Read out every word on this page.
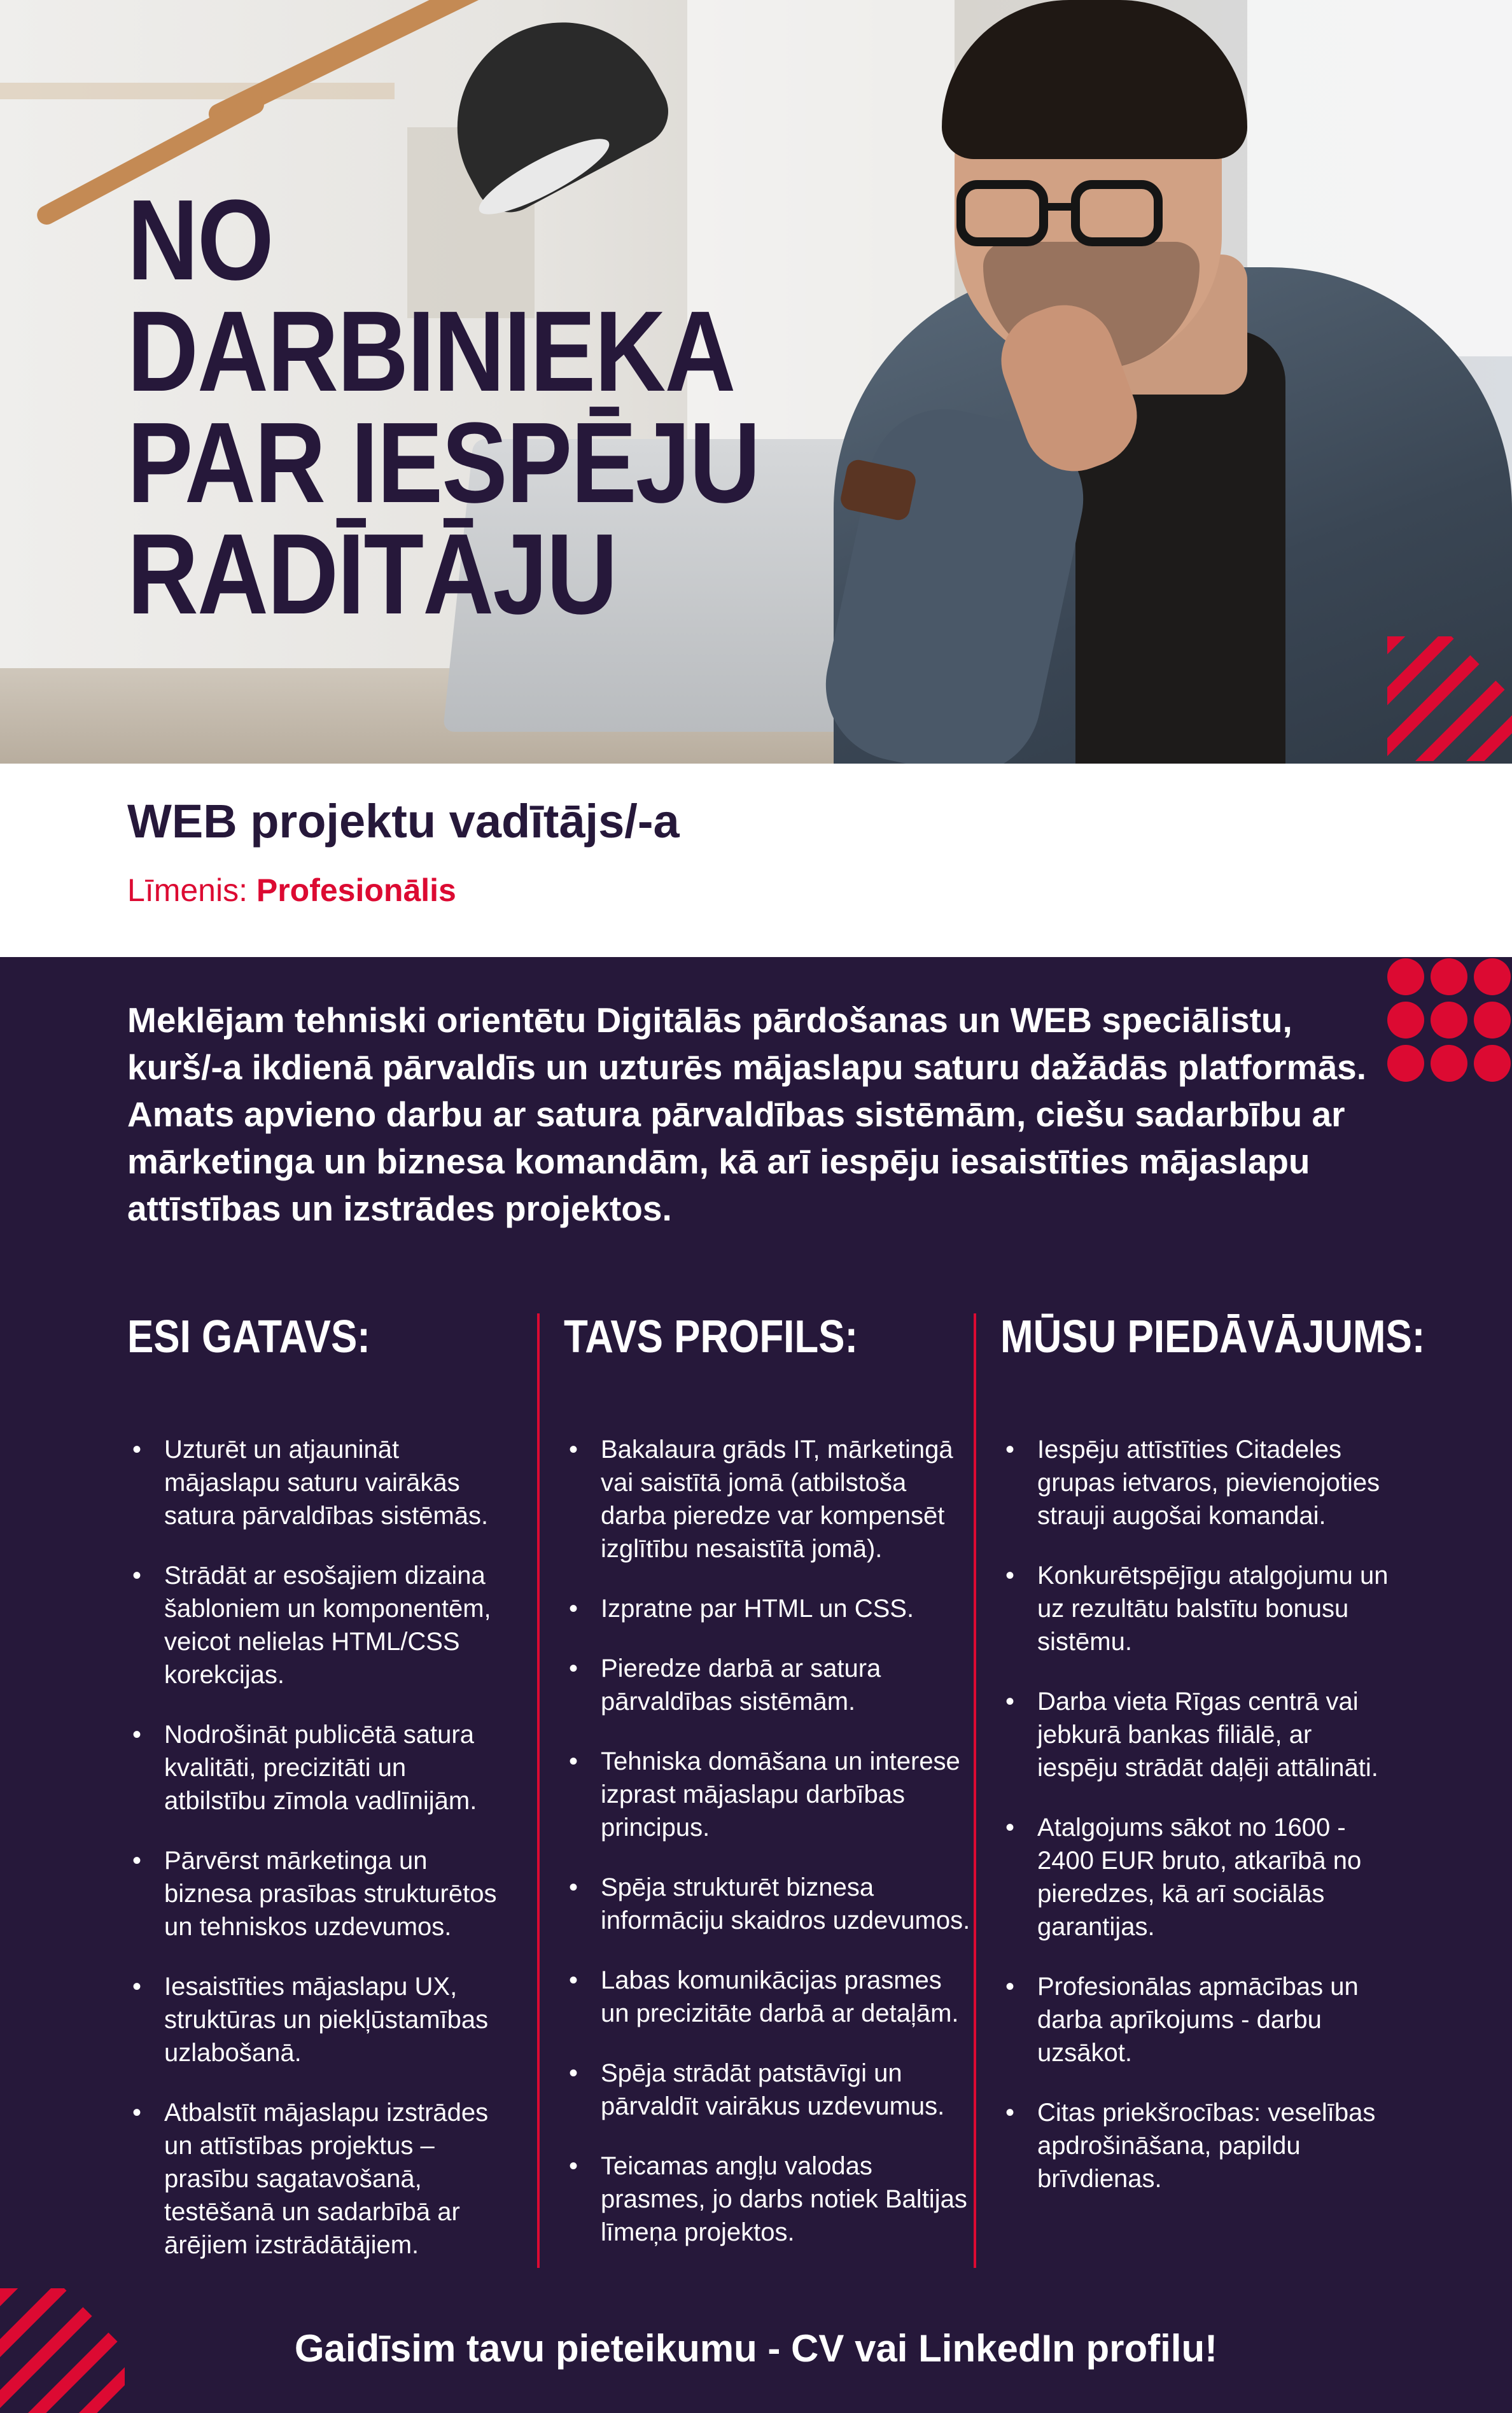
NO
DARBINIEKA
PAR IESPĒJU
RADĪTĀJU
WEB projektu vadītājs/-a
Līmenis: Profesionālis

Meklējam tehniski orientētu Digitālās pārdošanas un WEB speciālistu, kurš/-a ikdienā pārvaldīs un uzturēs mājaslapu saturu dažādās platformās. Amats apvieno darbu ar satura pārvaldības sistēmām, ciešu sadarbību ar mārketinga un biznesa komandām, kā arī iespēju iesaistīties mājaslapu attīstības un izstrādes projektos.

ESI GATAVS:
• Uzturēt un atjaunināt mājaslapu saturu vairākās satura pārvaldības sistēmās.
• Strādāt ar esošajiem dizaina šabloniem un komponentēm, veicot nelielas HTML/CSS korekcijas.
• Nodrošināt publicētā satura kvalitāti, precizitāti un atbilstību zīmola vadlīnijām.
• Pārvērst mārketinga un biznesa prasības strukturētos un tehniskos uzdevumos.
• Iesaistīties mājaslapu UX, struktūras un piekļūstamības uzlabošanā.
• Atbalstīt mājaslapu izstrādes un attīstības projektus – prasību sagatavošanā, testēšanā un sadarbībā ar ārējiem izstrādātājiem.
TAVS PROFILS:
• Bakalaura grāds IT, mārketingā vai saistītā jomā (atbilstoša darba pieredze var kompensēt izglītību nesaistītā jomā).
• Izpratne par HTML un CSS.
• Pieredze darbā ar satura pārvaldības sistēmām.
• Tehniska domāšana un interese izprast mājaslapu darbības principus.
• Spēja strukturēt biznesa informāciju skaidros uzdevumos.
• Labas komunikācijas prasmes un precizitāte darbā ar detaļām.
• Spēja strādāt patstāvīgi un pārvaldīt vairākus uzdevumus.
• Teicamas angļu valodas prasmes, jo darbs notiek Baltijas līmeņa projektos.
MŪSU PIEDĀVĀJUMS:
• Iespēju attīstīties Citadeles grupas ietvaros, pievienojoties strauji augošai komandai.
• Konkurētspējīgu atalgojumu un uz rezultātu balstītu bonusu sistēmu.
• Darba vieta Rīgas centrā vai jebkurā bankas filiālē, ar iespēju strādāt daļēji attālināti.
• Atalgojums sākot no 1600 - 2400 EUR bruto, atkarībā no pieredzes, kā arī sociālās garantijas.
• Profesionālas apmācības un darba aprīkojums - darbu uzsākot.
• Citas priekšrocības: veselības apdrošināšana, papildu brīvdienas.
Gaidīsim tavu pieteikumu - CV vai LinkedIn profilu!
